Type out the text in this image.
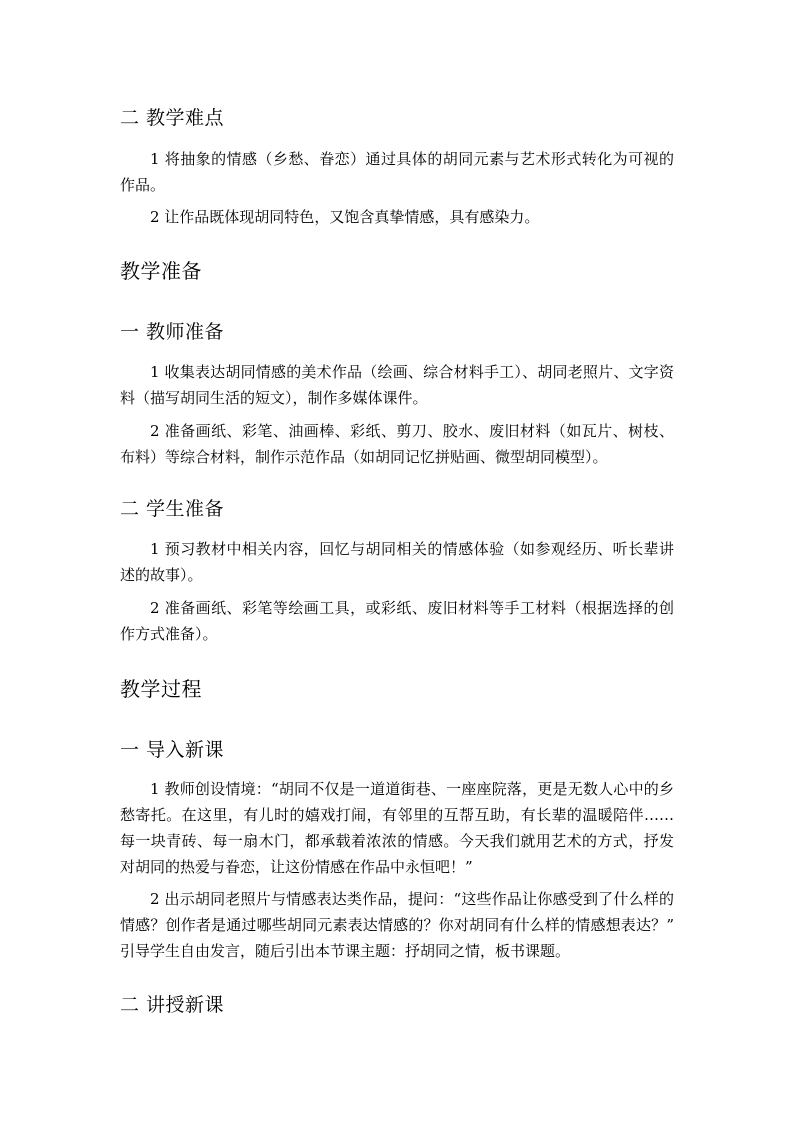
二 教学难点

1 将抽象的情感（乡愁、眷恋）通过具体的胡同元素与艺术形式转化为可视的作品。

2 让作品既体现胡同特色，又饱含真挚情感，具有感染力。

教学准备
一 教师准备

1 收集表达胡同情感的美术作品（绘画、综合材料手工）、胡同老照片、文字资料（描写胡同生活的短文），制作多媒体课件。

2 准备画纸、彩笔、油画棒、彩纸、剪刀、胶水、废旧材料（如瓦片、树枝、布料）等综合材料，制作示范作品（如胡同记忆拼贴画、微型胡同模型）。

二 学生准备

1 预习教材中相关内容，回忆与胡同相关的情感体验（如参观经历、听长辈讲述的故事）。

2 准备画纸、彩笔等绘画工具，或彩纸、废旧材料等手工材料（根据选择的创作方式准备）。

教学过程
一 导入新课

1 教师创设情境：“胡同不仅是一道道街巷、一座座院落，更是无数人心中的乡愁寄托。在这里，有儿时的嬉戏打闹，有邻里的互帮互助，有长辈的温暖陪伴…… 每一块青砖、每一扇木门，都承载着浓浓的情感。今天我们就用艺术的方式，抒发对胡同的热爱与眷恋，让这份情感在作品中永恒吧！”

2 出示胡同老照片与情感表达类作品，提问：“这些作品让你感受到了什么样的情感？创作者是通过哪些胡同元素表达情感的？你对胡同有什么样的情感想表达？” 引导学生自由发言，随后引出本节课主题：抒胡同之情，板书课题。

二 讲授新课
